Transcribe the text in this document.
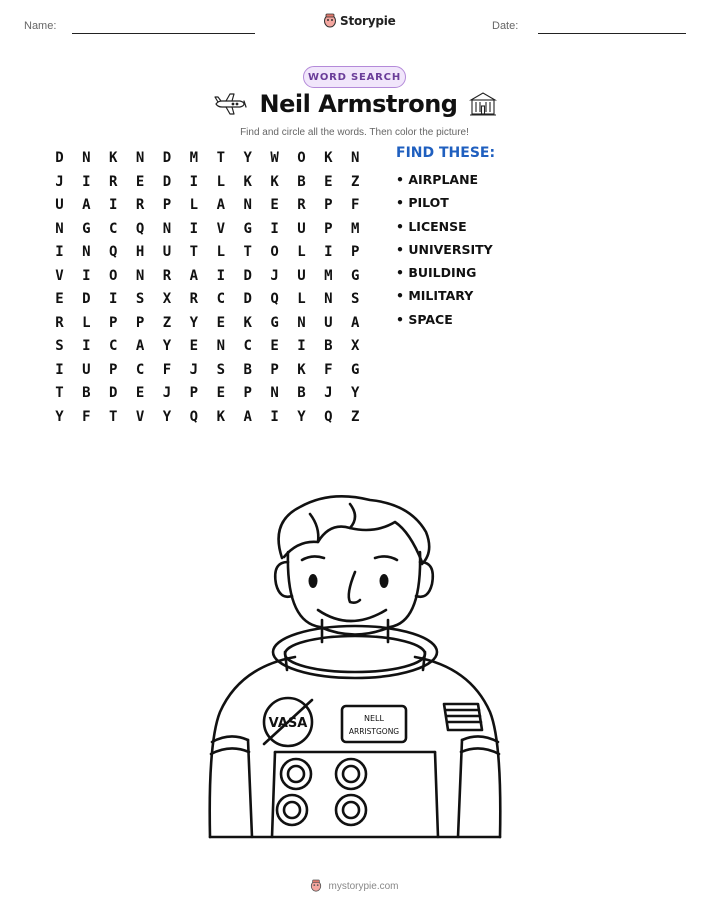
Name:	Storypie	Date:
WORD SEARCH
Neil Armstrong
Find and circle all the words. Then color the picture!
D	N	K	N	D	M	T	Y	W	O	K	N
J	I	R	E	D	I	L	K	K	B	E	Z
U	A	I	R	P	L	A	N	E	R	P	F
N	G	C	Q	N	I	V	G	I	U	P	M
I	N	Q	H	U	T	L	T	O	L	I	P
V	I	O	N	R	A	I	D	J	U	M	G
E	D	I	S	X	R	C	D	Q	L	N	S
R	L	P	P	Z	Y	E	K	G	N	U	A
S	I	C	A	Y	E	N	C	E	I	B	X
I	U	P	C	F	J	S	B	P	K	F	G
T	B	D	E	J	P	E	P	N	B	J	Y
Y	F	T	V	Y	Q	K	A	I	Y	Q	Z
FIND THESE:
• AIRPLANE
• PILOT
• LICENSE
• UNIVERSITY
• BUILDING
• MILITARY
• SPACE
VASA	NELL
ARRISTGONG
mystorypie.com
